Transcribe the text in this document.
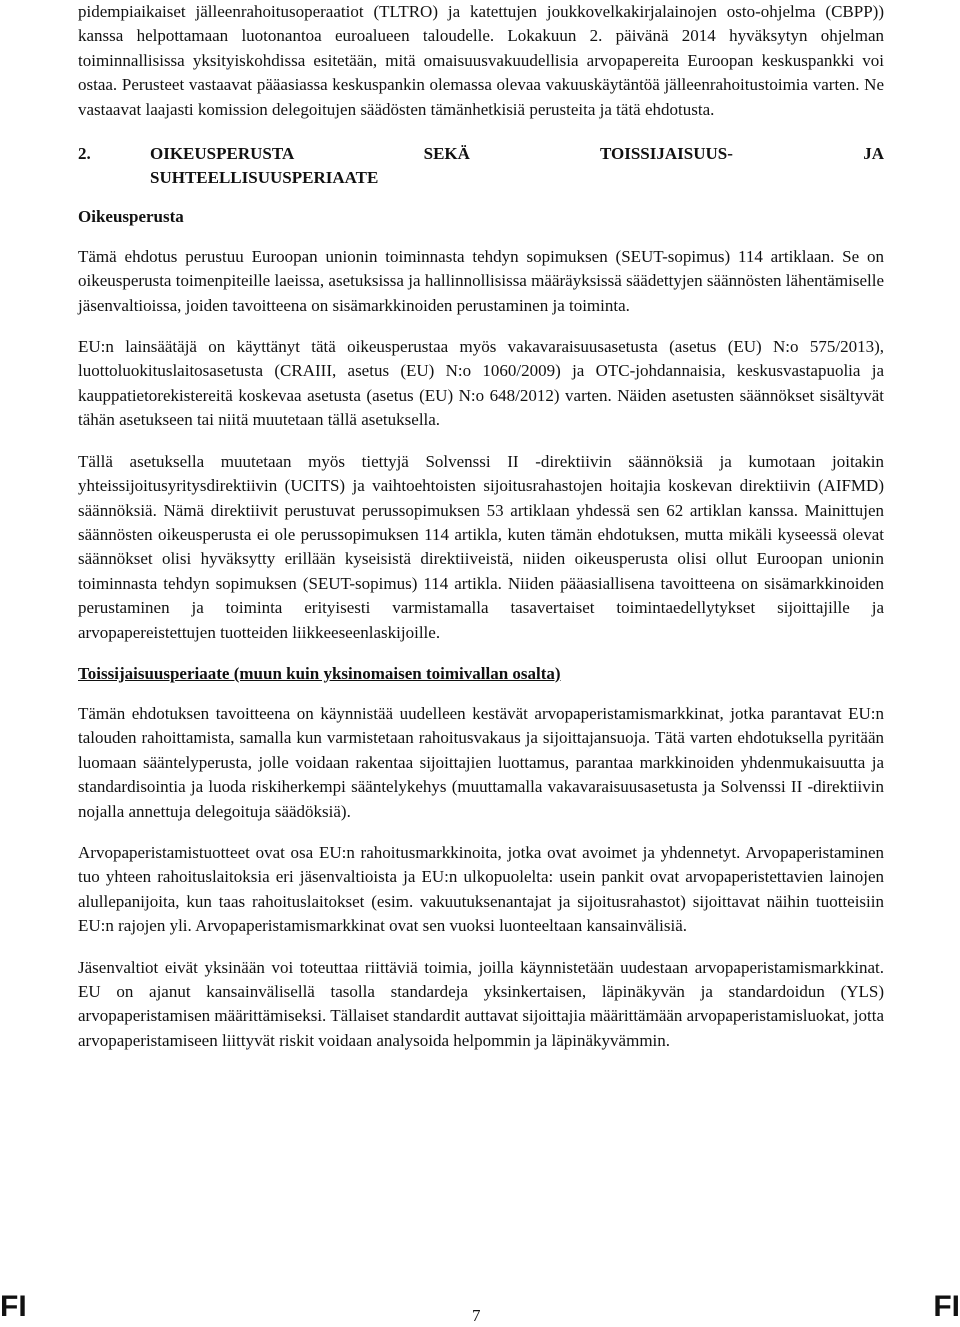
pidempiaikaiset jälleenrahoitusoperaatiot (TLTRO) ja katettujen joukkovelkakirjalainojen osto-ohjelma (CBPP)) kanssa helpottamaan luotonantoa euroalueen taloudelle. Lokakuun 2. päivänä 2014 hyväksytyn ohjelman toiminnallisissa yksityiskohdissa esitetään, mitä omaisuusvakuudellisia arvopapereita Euroopan keskuspankki voi ostaa. Perusteet vastaavat pääasiassa keskuspankin olemassa olevaa vakuuskäytäntöä jälleenrahoitustoimia varten. Ne vastaavat laajasti komission delegoitujen säädösten tämänhetkisiä perusteita ja tätä ehdotusta.

2.	OIKEUSPERUSTA SEKÄ TOISSIJAISUUS- JA
SUHTEELLISUUSPERIAATE
Oikeusperusta

Tämä ehdotus perustuu Euroopan unionin toiminnasta tehdyn sopimuksen (SEUT-sopimus) 114 artiklaan. Se on oikeusperusta toimenpiteille laeissa, asetuksissa ja hallinnollisissa määräyksissä säädettyjen säännösten lähentämiselle jäsenvaltioissa, joiden tavoitteena on sisämarkkinoiden perustaminen ja toiminta.

EU:n lainsäätäjä on käyttänyt tätä oikeusperustaa myös vakavaraisuusasetusta (asetus (EU) N:o 575/2013), luottoluokituslaitosasetusta (CRAIII, asetus (EU) N:o 1060/2009) ja OTC-johdannaisia, keskusvastapuolia ja kauppatietorekistereitä koskevaa asetusta (asetus (EU) N:o 648/2012) varten. Näiden asetusten säännökset sisältyvät tähän asetukseen tai niitä muutetaan tällä asetuksella.

Tällä asetuksella muutetaan myös tiettyjä Solvenssi II -direktiivin säännöksiä ja kumotaan joitakin yhteissijoitusyritysdirektiivin (UCITS) ja vaihtoehtoisten sijoitusrahastojen hoitajia koskevan direktiivin (AIFMD) säännöksiä. Nämä direktiivit perustuvat perussopimuksen 53 artiklaan yhdessä sen 62 artiklan kanssa. Mainittujen säännösten oikeusperusta ei ole perussopimuksen 114 artikla, kuten tämän ehdotuksen, mutta mikäli kyseessä olevat säännökset olisi hyväksytty erillään kyseisistä direktiiveistä, niiden oikeusperusta olisi ollut Euroopan unionin toiminnasta tehdyn sopimuksen (SEUT-sopimus) 114 artikla. Niiden pääasiallisena tavoitteena on sisämarkkinoiden perustaminen ja toiminta erityisesti varmistamalla tasavertaiset toimintaedellytykset sijoittajille ja arvopapereistettujen tuotteiden liikkeeseenlaskijoille.

Toissijaisuusperiaate (muun kuin yksinomaisen toimivallan osalta)

Tämän ehdotuksen tavoitteena on käynnistää uudelleen kestävät arvopaperistamismarkkinat, jotka parantavat EU:n talouden rahoittamista, samalla kun varmistetaan rahoitusvakaus ja sijoittajansuoja. Tätä varten ehdotuksella pyritään luomaan sääntelyperusta, jolle voidaan rakentaa sijoittajien luottamus, parantaa markkinoiden yhdenmukaisuutta ja standardisointia ja luoda riskiherkempi sääntelykehys (muuttamalla vakavaraisuusasetusta ja Solvenssi II -direktiivin nojalla annettuja delegoituja säädöksiä).

Arvopaperistamistuotteet ovat osa EU:n rahoitusmarkkinoita, jotka ovat avoimet ja yhdennetyt. Arvopaperistaminen tuo yhteen rahoituslaitoksia eri jäsenvaltioista ja EU:n ulkopuolelta: usein pankit ovat arvopaperistettavien lainojen alullepanijoita, kun taas rahoituslaitokset (esim. vakuutuksenantajat ja sijoitusrahastot) sijoittavat näihin tuotteisiin EU:n rajojen yli. Arvopaperistamismarkkinat ovat sen vuoksi luonteeltaan kansainvälisiä.

Jäsenvaltiot eivät yksinään voi toteuttaa riittäviä toimia, joilla käynnistetään uudestaan arvopaperistamismarkkinat. EU on ajanut kansainvälisellä tasolla standardeja yksinkertaisen, läpinäkyvän ja standardoidun (YLS) arvopaperistamisen määrittämiseksi. Tällaiset standardit auttavat sijoittajia määrittämään arvopaperistamisluokat, jotta arvopaperistamiseen liittyvät riskit voidaan analysoida helpommin ja läpinäkyvämmin.

FI	7	FI
